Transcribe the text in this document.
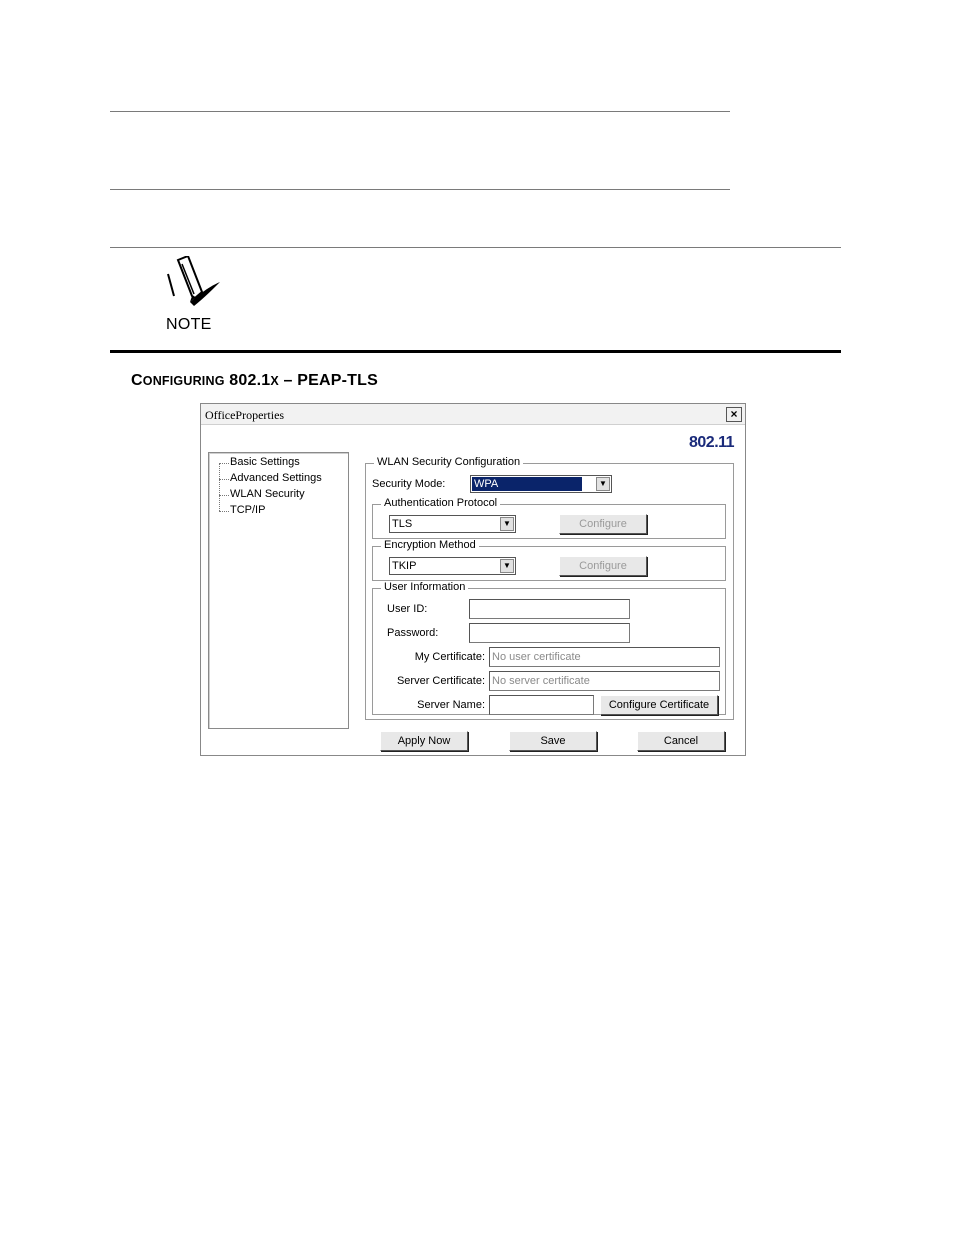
NOTE
CONFIGURING 802.1X – PEAP-TLS
OfficeProperties	×
802.11
Basic Settings
Advanced Settings
WLAN Security
TCP/IP
WLAN Security Configuration
Security Mode:	WPA	▼
Authentication Protocol
TLS	▼	Configure
Encryption Method
TKIP	▼	Configure
User Information
User ID:
Password:
My Certificate: No user certificate
Server Certificate: No server certificate
Server Name:	Configure Certificate
Apply Now	Save	Cancel
